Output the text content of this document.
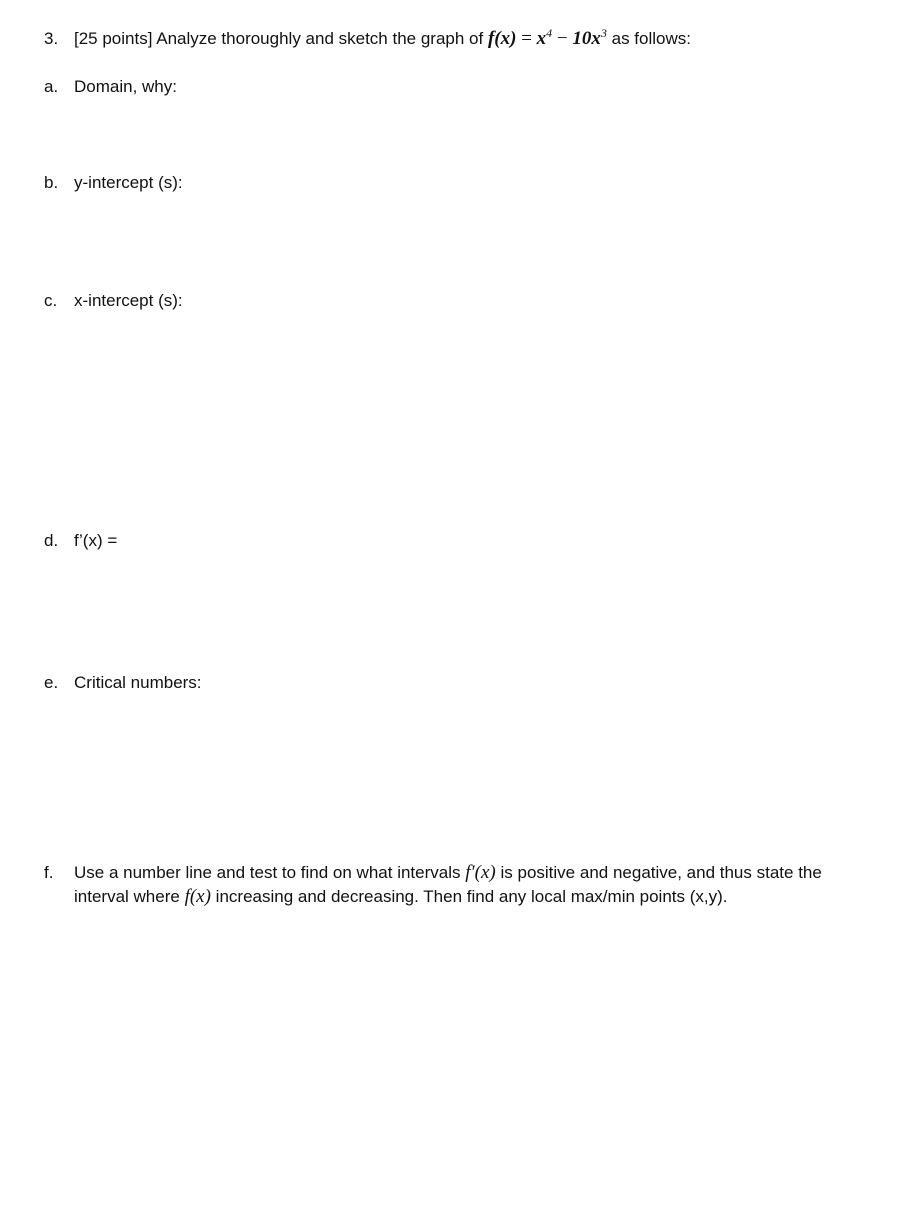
3. [25 points] Analyze thoroughly and sketch the graph of $f(x) = x^4 - 10x^3$ as follows:
a. Domain, why:
b. y-intercept (s):
c. x-intercept (s):
d. f’(x) =
e. Critical numbers:
f. Use a number line and test to find on what intervals f′(x) is positive and negative, and thus state the
interval where f(x) increasing and decreasing. Then find any local max/min points (x,y).
